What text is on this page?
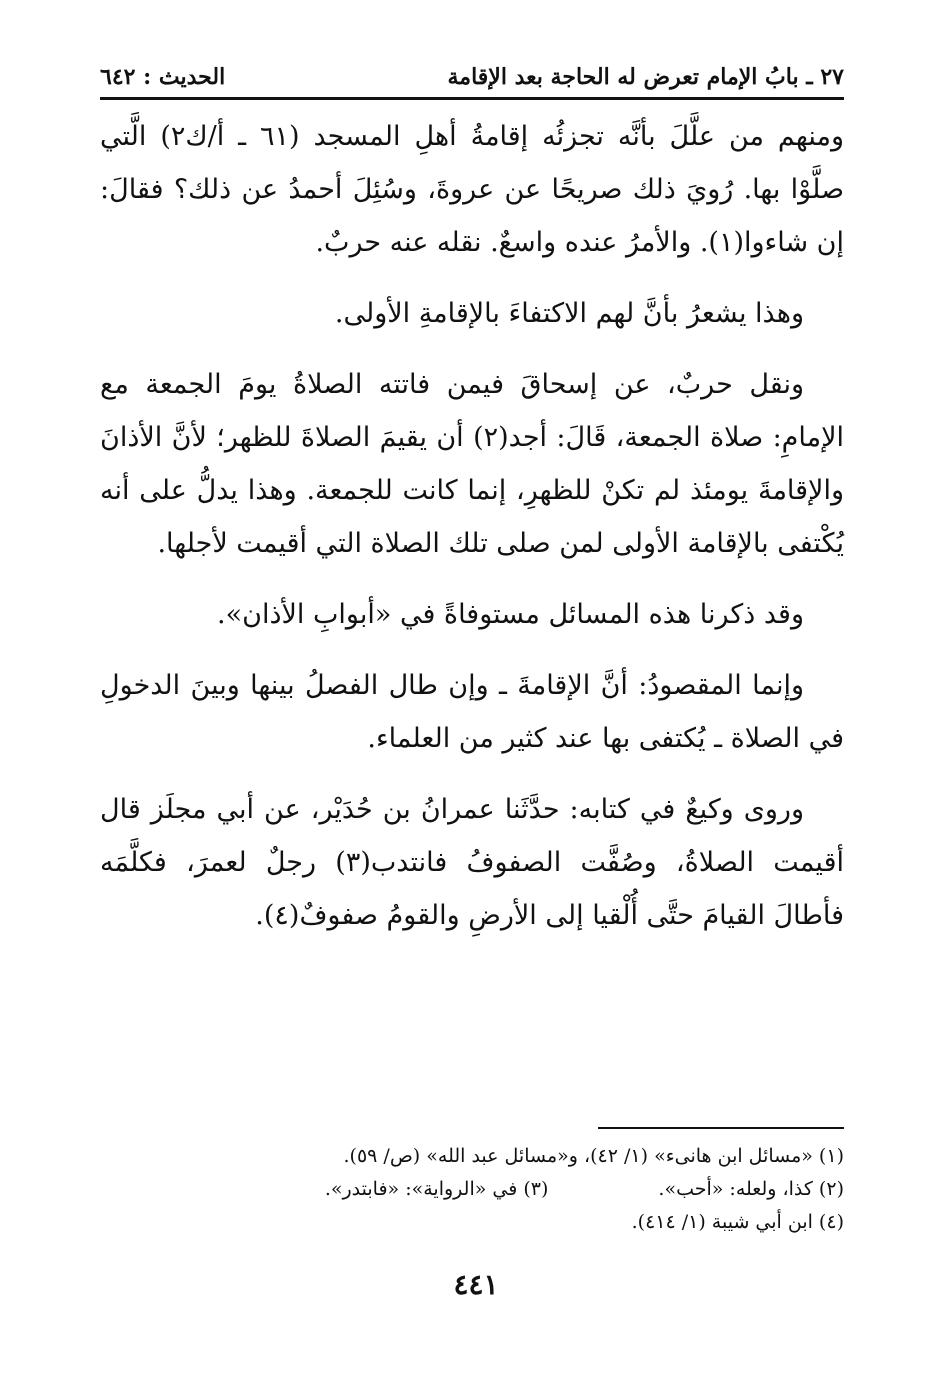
٢٧ ـ بابُ الإمام تعرض له الحاجة بعد الإقامة
الحديث : ٦٤٢

ومنهم من علَّلَ بأنَّه تجزئُه إقامةُ أهلِ المسجد (٦١ ـ أ/ك٢) الَّتي صلَّوْا بها. رُويَ ذلك صريحًا عن عروةَ، وسُئِلَ أحمدُ عن ذلك؟ فقالَ: إن شاءوا(١). والأمرُ عنده واسعٌ. نقله عنه حربٌ.

وهذا يشعرُ بأنَّ لهم الاكتفاءَ بالإقامةِ الأولى.

ونقل حربٌ، عن إسحاقَ فيمن فاتته الصلاةُ يومَ الجمعة مع الإمامِ: صلاة الجمعة، قَالَ: أجد(٢) أن يقيمَ الصلاةَ للظهر؛ لأنَّ الأذانَ والإقامةَ يومئذ لم تكنْ للظهرِ، إنما كانت للجمعة. وهذا يدلُّ على أنه يُكْتفى بالإقامة الأولى لمن صلى تلك الصلاة التي أقيمت لأجلها.

وقد ذكرنا هذه المسائل مستوفاةً في «أبوابِ الأذان».

وإنما المقصودُ: أنَّ الإقامةَ ـ وإن طال الفصلُ بينها وبينَ الدخولِ في الصلاة ـ يُكتفى بها عند كثير من العلماء.

وروى وكيعٌ في كتابه: حدَّثَنا عمرانُ بن حُدَيْر، عن أبي مجلَز قال أقيمت الصلاةُ، وصُفَّت الصفوفُ فانتدب(٣) رجلٌ لعمرَ، فكلَّمَه فأطالَ القيامَ حتَّى أُلْقيا إلى الأرضِ والقومُ صفوفٌ(٤).

(١) «مسائل ابن هانىء» (١/ ٤٢)، و«مسائل عبد الله» (ص/ ٥٩).
(٢) كذا، ولعله: «أحب».
(٣) في «الرواية»: «فابتدر».
(٤) ابن أبي شيبة (١/ ٤١٤).
٤٤١
